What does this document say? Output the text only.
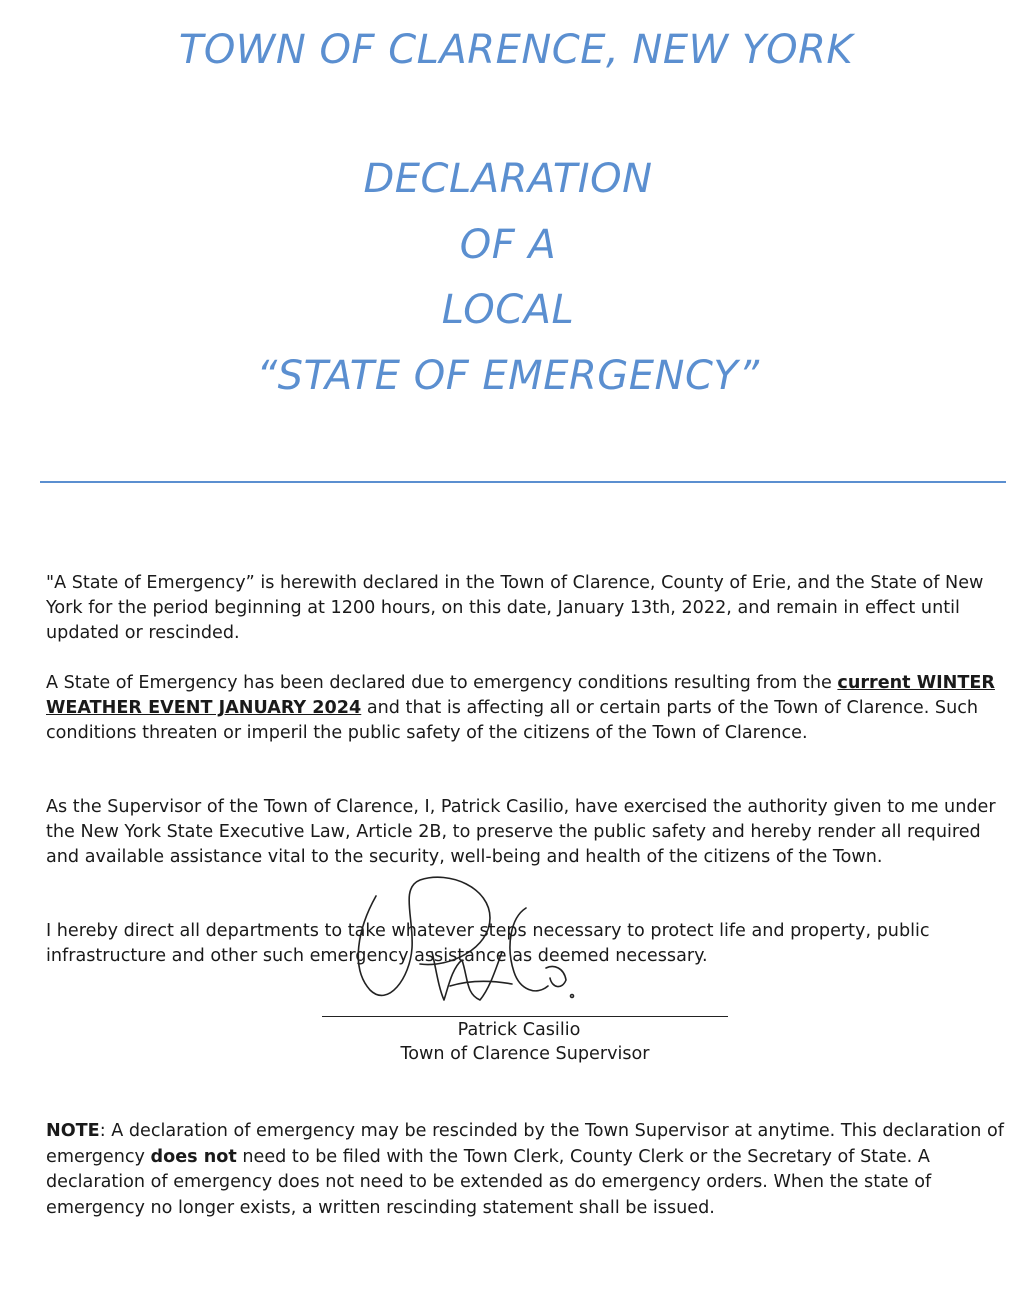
TOWN OF CLARENCE, NEW YORK
DECLARATION
OF A
LOCAL
“STATE OF EMERGENCY”

"A State of Emergency” is herewith declared in the Town of Clarence, County of Erie, and the State of New York for the period beginning at 1200 hours, on this date, January 13th, 2022, and remain in effect until updated or rescinded.

A State of Emergency has been declared due to emergency conditions resulting from the current WINTER WEATHER EVENT JANUARY 2024 and that is affecting all or certain parts of the Town of Clarence. Such conditions threaten or imperil the public safety of the citizens of the Town of Clarence.

As the Supervisor of the Town of Clarence, I, Patrick Casilio, have exercised the authority given to me under the New York State Executive Law, Article 2B, to preserve the public safety and hereby render all required and available assistance vital to the security, well-being and health of the citizens of the Town.

I hereby direct all departments to take whatever steps necessary to protect life and property, public infrastructure and other such emergency assistance as deemed necessary.

Patrick Casilio

Town of Clarence Supervisor

NOTE: A declaration of emergency may be rescinded by the Town Supervisor at anytime. This declaration of emergency does not need to be filed with the Town Clerk, County Clerk or the Secretary of State. A declaration of emergency does not need to be extended as do emergency orders. When the state of emergency no longer exists, a written rescinding statement shall be issued.
